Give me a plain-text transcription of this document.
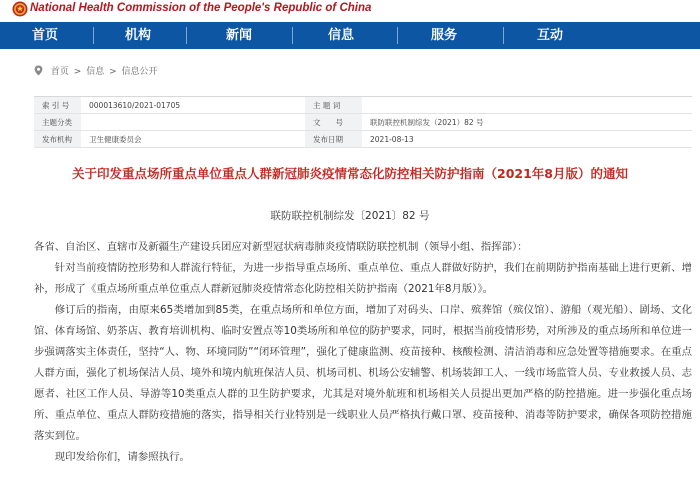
National Health Commission of the People's Republic of China
首页	机构	新闻	信息	服务	互动
首页 > 信息 > 信息公开
索 引 号	000013610/2021-01705	主 题 词	
主题分类		文　　号	联防联控机制综发（2021）82 号
发布机构	卫生健康委员会	发布日期	2021-08-13
关于印发重点场所重点单位重点人群新冠肺炎疫情常态化防控相关防护指南（2021年8月版）的通知
联防联控机制综发〔2021〕82 号

各省、自治区、直辖市及新疆生产建设兵团应对新型冠状病毒肺炎疫情联防联控机制（领导小组、指挥部）：

针对当前疫情防控形势和人群流行特征，为进一步指导重点场所、重点单位、重点人群做好防护，我们在前期防护指南基础上进行更新、增补，形成了《重点场所重点单位重点人群新冠肺炎疫情常态化防控相关防护指南（2021年8月版）》。

修订后的指南，由原来65类增加到85类，在重点场所和单位方面，增加了对码头、口岸、殡葬馆（殡仪馆）、游船（观光船）、剧场、文化馆、体育场馆、奶茶店、教育培训机构、临时安置点等10类场所和单位的防护要求，同时，根据当前疫情形势，对所涉及的重点场所和单位进一步强调落实主体责任，坚持“人、物、环境同防”“闭环管理”，强化了健康监测、疫苗接种、核酸检测、清洁消毒和应急处置等措施要求。在重点人群方面，强化了机场保洁人员、境外和境内航班保洁人员、机场司机、机场公安辅警、机场装卸工人、一线市场监管人员、专业救援人员、志愿者、社区工作人员、导游等10类重点人群的卫生防护要求，尤其是对境外航班和机场相关人员提出更加严格的防控措施。进一步强化重点场所、重点单位、重点人群防疫措施的落实，指导相关行业特别是一线职业人员严格执行戴口罩、疫苗接种、消毒等防护要求，确保各项防控措施落实到位。

现印发给你们，请参照执行。
